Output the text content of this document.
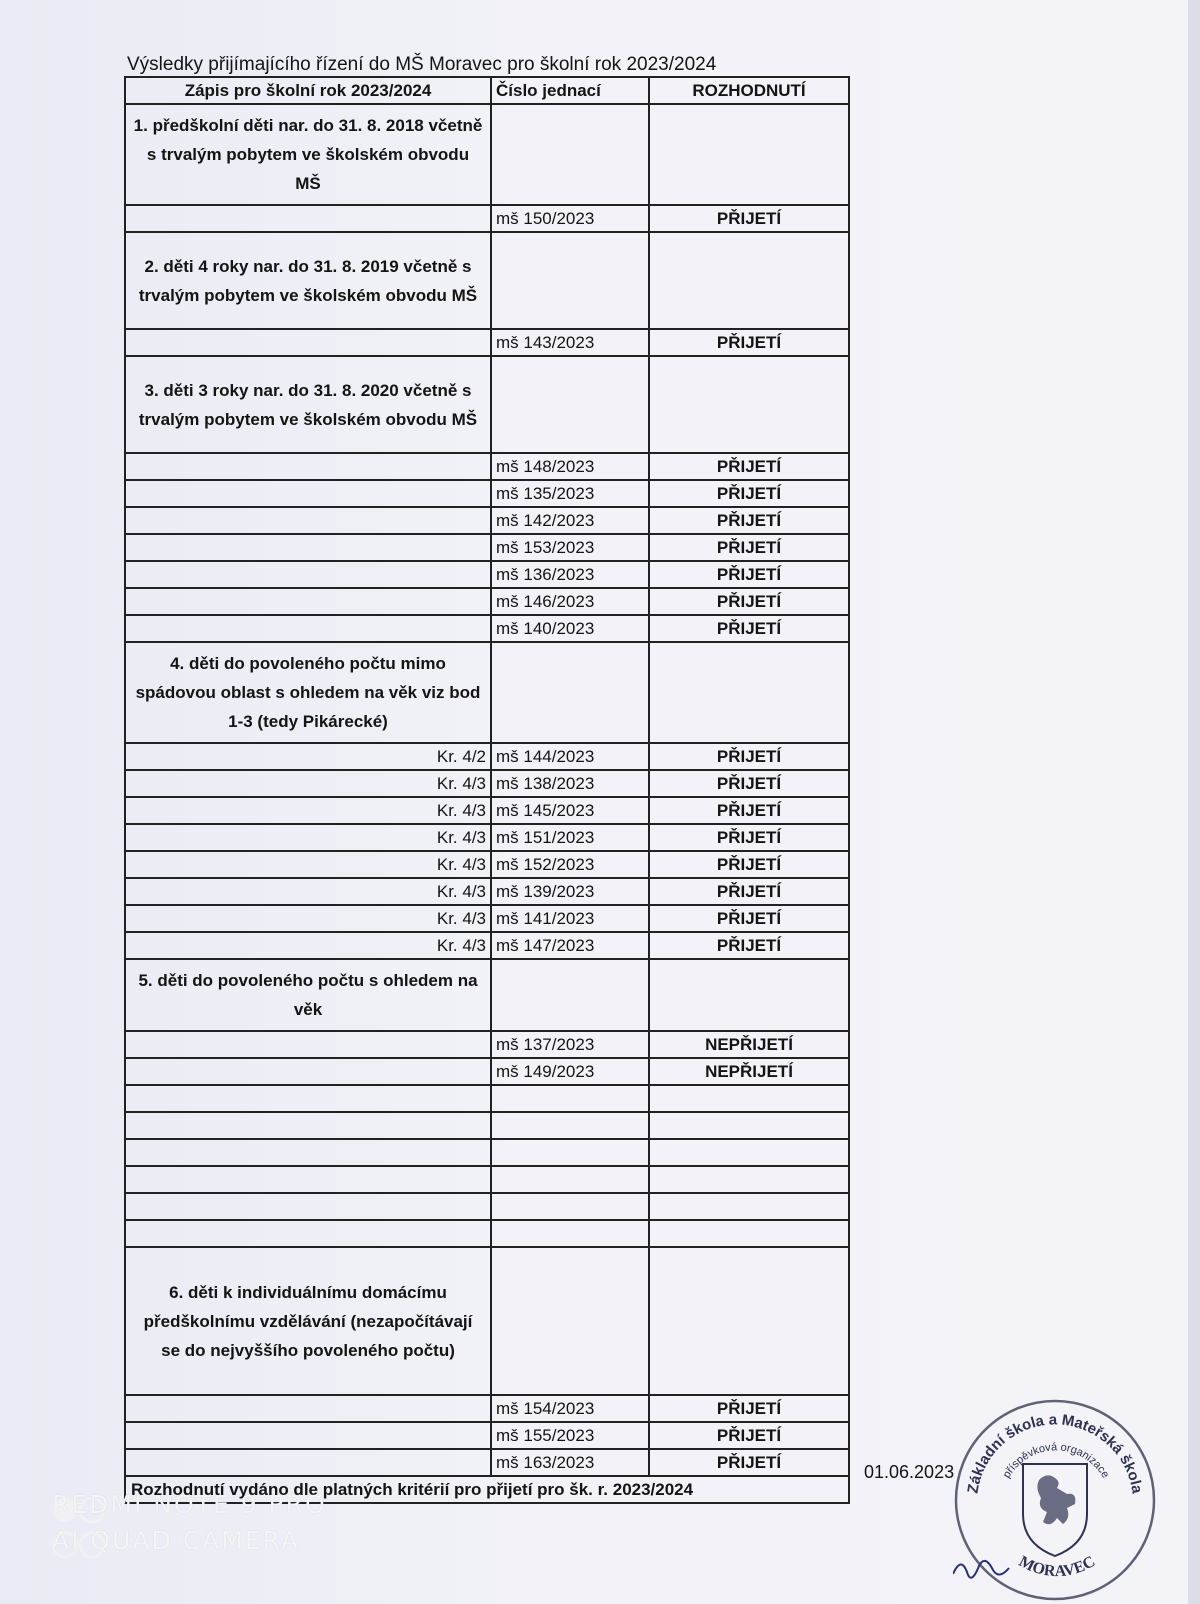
Výsledky přijímajícího řízení do MŠ Moravec pro školní rok 2023/2024
Zápis pro školní rok 2023/2024	Číslo jednací	ROZHODNUTÍ
1. předškolní děti nar. do 31. 8. 2018 včetně s trvalým pobytem ve školském obvodu MŠ		
	mš 150/2023	PŘIJETÍ
2. děti 4 roky nar. do 31. 8. 2019 včetně s trvalým pobytem ve školském obvodu MŠ		
	mš 143/2023	PŘIJETÍ
3. děti 3 roky nar. do 31. 8. 2020 včetně s trvalým pobytem ve školském obvodu MŠ		
	mš 148/2023	PŘIJETÍ
	mš 135/2023	PŘIJETÍ
	mš 142/2023	PŘIJETÍ
	mš 153/2023	PŘIJETÍ
	mš 136/2023	PŘIJETÍ
	mš 146/2023	PŘIJETÍ
	mš 140/2023	PŘIJETÍ
4. děti do povoleného počtu mimo spádovou oblast s ohledem na věk viz bod 1-3 (tedy Pikárecké)		
Kr. 4/2	mš 144/2023	PŘIJETÍ
Kr. 4/3	mš 138/2023	PŘIJETÍ
Kr. 4/3	mš 145/2023	PŘIJETÍ
Kr. 4/3	mš 151/2023	PŘIJETÍ
Kr. 4/3	mš 152/2023	PŘIJETÍ
Kr. 4/3	mš 139/2023	PŘIJETÍ
Kr. 4/3	mš 141/2023	PŘIJETÍ
Kr. 4/3	mš 147/2023	PŘIJETÍ
5. děti do povoleného počtu s ohledem na věk		
	mš 137/2023	NEPŘIJETÍ
	mš 149/2023	NEPŘIJETÍ

6. děti k individuálnímu domácímu předškolnímu vzdělávání (nezapočítávají se do nejvyššího povoleného počtu)		
	mš 154/2023	PŘIJETÍ
	mš 155/2023	PŘIJETÍ
	mš 163/2023	PŘIJETÍ
Rozhodnutí vydáno dle platných kritérií pro přijetí pro šk. r. 2023/2024		
01.06.2023
Základní škola a Mateřská škola
příspěvková organizace
MORAVEC
REDMI NOTE 9 PRO
AI QUAD CAMERA
